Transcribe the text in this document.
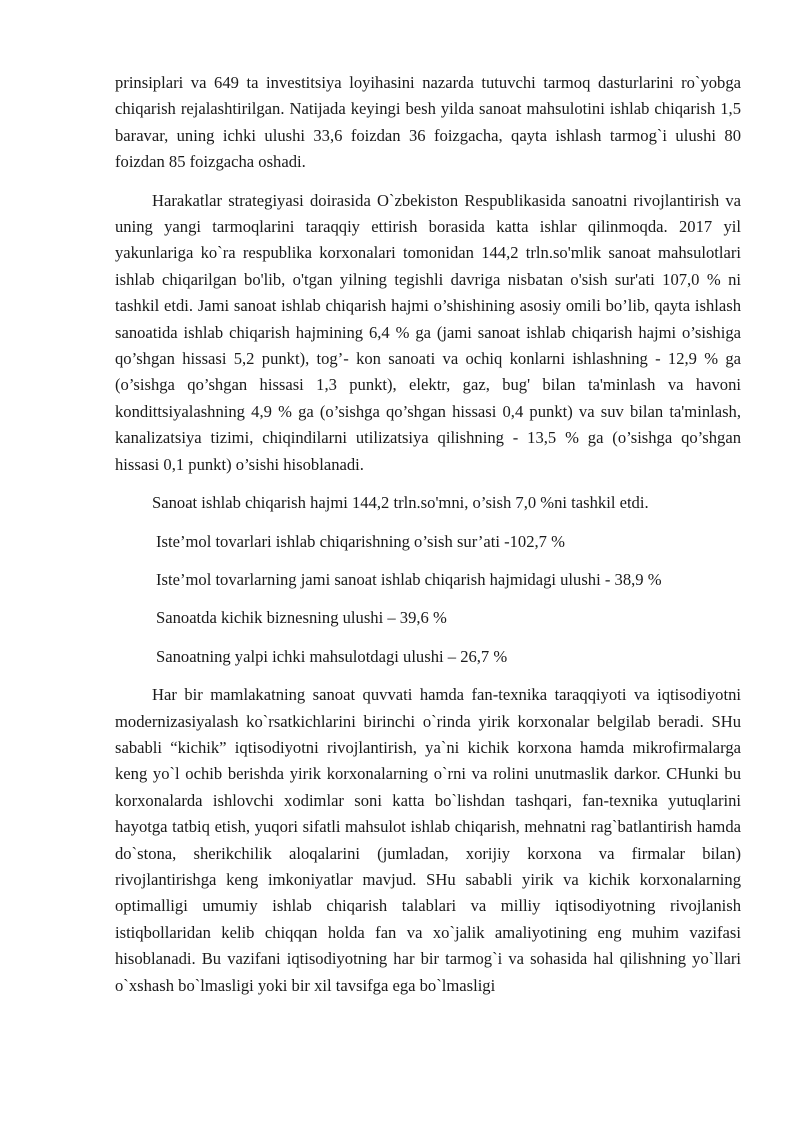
prinsiplari va 649 ta investitsiya loyihasini nazarda tutuvchi tarmoq dasturlarini ro`yobga chiqarish rejalashtirilgan. Natijada keyingi besh yilda sanoat mahsulotini ishlab chiqarish 1,5 baravar, uning ichki ulushi 33,6 foizdan 36 foizgacha, qayta ishlash tarmog`i ulushi 80 foizdan 85 foizgacha oshadi.

Harakatlar strategiyasi doirasida O`zbekiston Respublikasida sanoatni rivojlantirish va uning yangi tarmoqlarini taraqqiy ettirish borasida katta ishlar qilinmoqda. 2017 yil yakunlariga ko`ra respublika korxonalari tomonidan 144,2 trln.so'mlik sanoat mahsulotlari ishlab chiqarilgan bo'lib, o'tgan yilning tegishli davriga nisbatan o'sish sur'ati 107,0 % ni tashkil etdi. Jami sanoat ishlab chiqarish hajmi o’shishining asosiy omili bo’lib, qayta ishlash sanoatida ishlab chiqarish hajmining 6,4 % ga (jami sanoat ishlab chiqarish hajmi o’sishiga qo’shgan hissasi 5,2 punkt), tog’- kon sanoati va ochiq konlarni ishlashning - 12,9 % ga (o’sishga qo’shgan hissasi 1,3 punkt), elektr, gaz, bug' bilan ta'minlash va havoni kondittsiyalashning 4,9 % ga (o’sishga qo’shgan hissasi 0,4 punkt) va suv bilan ta'minlash, kanalizatsiya tizimi, chiqindilarni utilizatsiya qilishning - 13,5 % ga (o’sishga qo’shgan hissasi 0,1 punkt) o’sishi hisoblanadi.

Sanoat ishlab chiqarish hajmi 144,2 trln.so'mni, o’sish 7,0 %ni tashkil etdi.
Iste’mol tovarlari ishlab chiqarishning o’sish sur’ati -102,7 %
Iste’mol tovarlarning jami sanoat ishlab chiqarish hajmidagi ulushi - 38,9 %
Sanoatda kichik biznesning ulushi – 39,6 %
Sanoatning yalpi ichki mahsulotdagi ulushi – 26,7 %

Har bir mamlakatning sanoat quvvati hamda fan-texnika taraqqiyoti va iqtisodiyotni modernizasiyalash ko`rsatkichlarini birinchi o`rinda yirik korxonalar belgilab beradi. SHu sababli “kichik” iqtisodiyotni rivojlantirish, ya`ni kichik korxona hamda mikrofirmalarga keng yo`l ochib berishda yirik korxonalarning o`rni va rolini unutmaslik darkor. CHunki bu korxonalarda ishlovchi xodimlar soni katta bo`lishdan tashqari, fan-texnika yutuqlarini hayotga tatbiq etish, yuqori sifatli mahsulot ishlab chiqarish, mehnatni rag`batlantirish hamda do`stona, sherikchilik aloqalarini (jumladan, xorijiy korxona va firmalar bilan) rivojlantirishga keng imkoniyatlar mavjud. SHu sababli yirik va kichik korxonalarning optimalligi umumiy ishlab chiqarish talablari va milliy iqtisodiyotning rivojlanish istiqbollaridan kelib chiqqan holda fan va xo`jalik amaliyotining eng muhim vazifasi hisoblanadi. Bu vazifani iqtisodiyotning har bir tarmog`i va sohasida hal qilishning yo`llari o`xshash bo`lmasligi yoki bir xil tavsifga ega bo`lmasligi
